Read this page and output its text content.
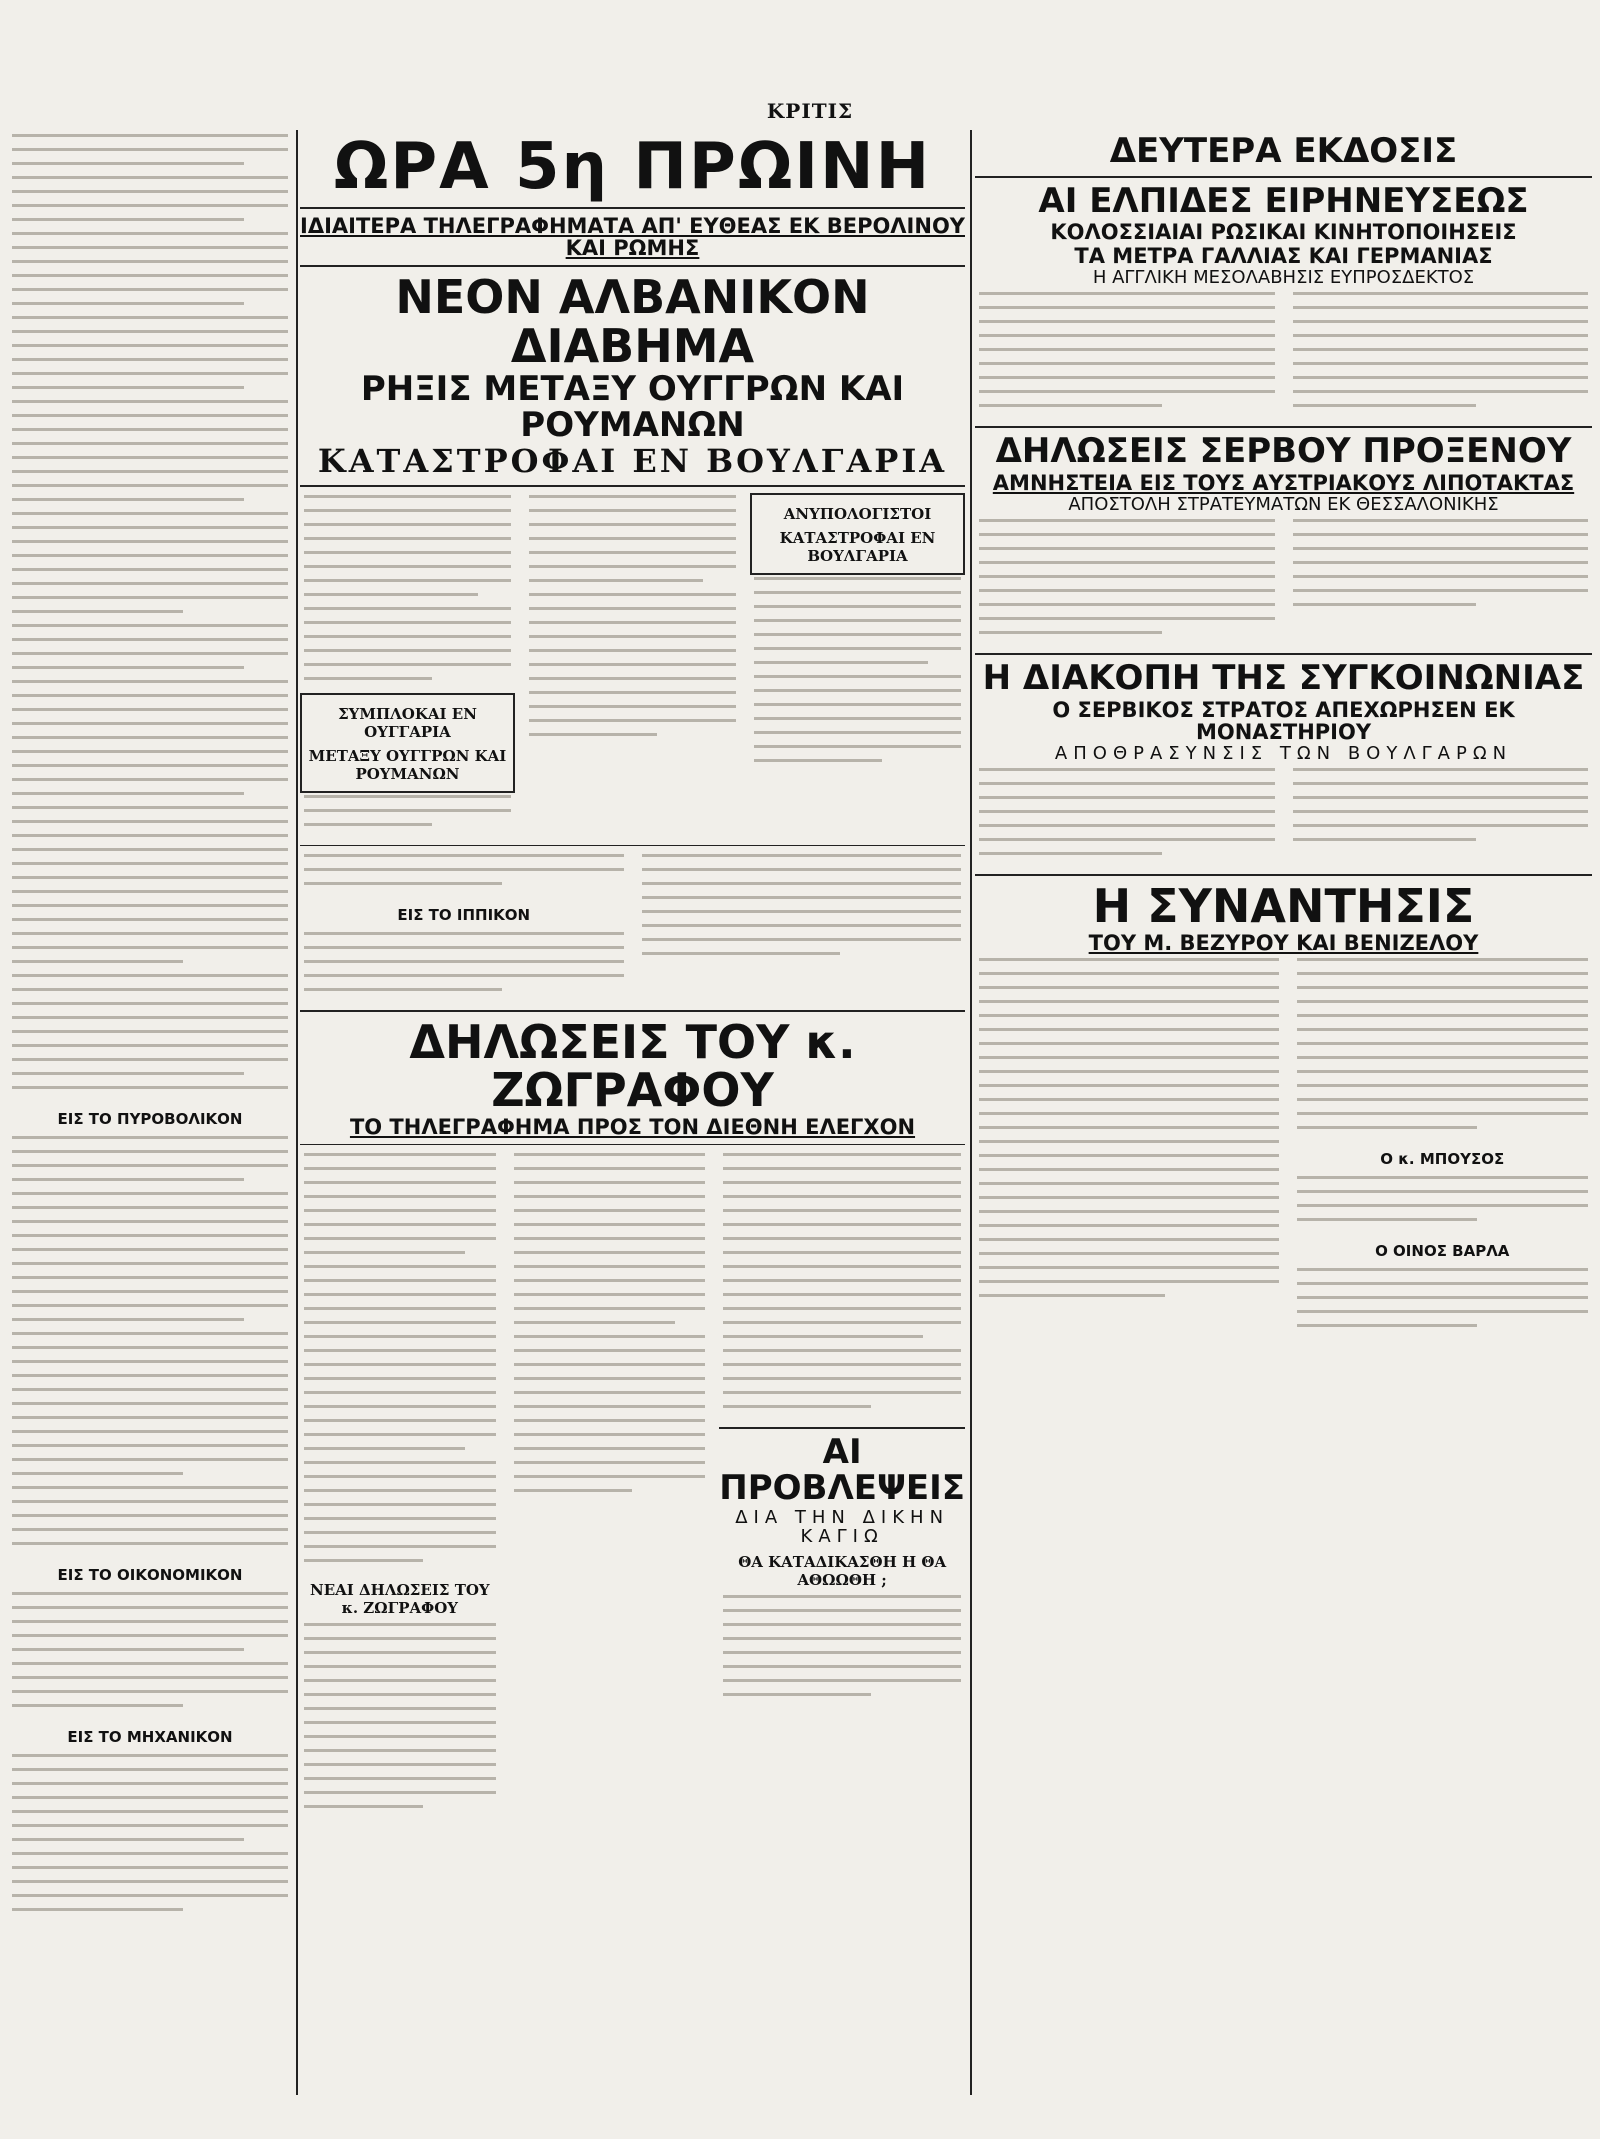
ΚΡΙΤΙΣ
ΕΙΣ ΤΟ ΠΥΡΟΒΟΛΙΚΟΝ
ΕΙΣ ΤΟ ΟΙΚΟΝΟΜΙΚΟΝ
ΕΙΣ ΤΟ ΜΗΧΑΝΙΚΟΝ
ΩΡΑ 5η ΠΡΩΙΝΗ
ΙΔΙΑΙΤΕΡΑ ΤΗΛΕΓΡΑΦΗΜΑΤΑ ΑΠ' ΕΥΘΕΑΣ ΕΚ ΒΕΡΟΛΙΝΟΥ ΚΑΙ ΡΩΜΗΣ
ΝΕΟΝ ΑΛΒΑΝΙΚΟΝ ΔΙΑΒΗΜΑ
ΡΗΞΙΣ ΜΕΤΑΞΥ ΟΥΓΓΡΩΝ ΚΑΙ ΡΟΥΜΑΝΩΝ
ΚΑΤΑΣΤΡΟΦΑΙ ΕΝ ΒΟΥΛΓΑΡΙΑ
ΣΥΜΠΛΟΚΑΙ ΕΝ ΟΥΓΓΑΡΙΑ
ΜΕΤΑΞΥ ΟΥΓΓΡΩΝ ΚΑΙ ΡΟΥΜΑΝΩΝ
ΑΝΥΠΟΛΟΓΙΣΤΟΙ
ΚΑΤΑΣΤΡΟΦΑΙ ΕΝ ΒΟΥΛΓΑΡΙΑ
ΕΙΣ ΤΟ ΙΠΠΙΚΟΝ
ΔΗΛΩΣΕΙΣ ΤΟΥ κ. ΖΩΓΡΑΦΟΥ
ΤΟ ΤΗΛΕΓΡΑΦΗΜΑ ΠΡΟΣ ΤΟΝ ΔΙΕΘΝΗ ΕΛΕΓΧΟΝ
ΝΕΑΙ ΔΗΛΩΣΕΙΣ ΤΟΥ κ. ΖΩΓΡΑΦΟΥ
ΑΙ ΠΡΟΒΛΕΨΕΙΣ
ΔΙΑ ΤΗΝ ΔΙΚΗΝ ΚΑΓΙΩ
ΘΑ ΚΑΤΑΔΙΚΑΣΘΗ Η ΘΑ ΑΘΩΩΘΗ ;
ΔΕΥΤΕΡΑ ΕΚΔΟΣΙΣ
ΑΙ ΕΛΠΙΔΕΣ ΕΙΡΗΝΕΥΣΕΩΣ
ΚΟΛΟΣΣΙΑΙΑΙ ΡΩΣΙΚΑΙ ΚΙΝΗΤΟΠΟΙΗΣΕΙΣ
ΤΑ ΜΕΤΡΑ ΓΑΛΛΙΑΣ ΚΑΙ ΓΕΡΜΑΝΙΑΣ
Η ΑΓΓΛΙΚΗ ΜΕΣΟΛΑΒΗΣΙΣ ΕΥΠΡΟΣΔΕΚΤΟΣ
ΔΗΛΩΣΕΙΣ ΣΕΡΒΟΥ ΠΡΟΞΕΝΟΥ
ΑΜΝΗΣΤΕΙΑ ΕΙΣ ΤΟΥΣ ΑΥΣΤΡΙΑΚΟΥΣ ΛΙΠΟΤΑΚΤΑΣ
ΑΠΟΣΤΟΛΗ ΣΤΡΑΤΕΥΜΑΤΩΝ ΕΚ ΘΕΣΣΑΛΟΝΙΚΗΣ
Η ΔΙΑΚΟΠΗ ΤΗΣ ΣΥΓΚΟΙΝΩΝΙΑΣ
Ο ΣΕΡΒΙΚΟΣ ΣΤΡΑΤΟΣ ΑΠΕΧΩΡΗΣΕΝ ΕΚ ΜΟΝΑΣΤΗΡΙΟΥ
ΑΠΟΘΡΑΣΥΝΣΙΣ ΤΩΝ ΒΟΥΛΓΑΡΩΝ
Η ΣΥΝΑΝΤΗΣΙΣ
ΤΟΥ Μ. ΒΕΖΥΡΟΥ ΚΑΙ ΒΕΝΙΖΕΛΟΥ
Ο κ. ΜΠΟΥΣΟΣ
Ο ΟΙΝΟΣ ΒΑΡΛΑ
